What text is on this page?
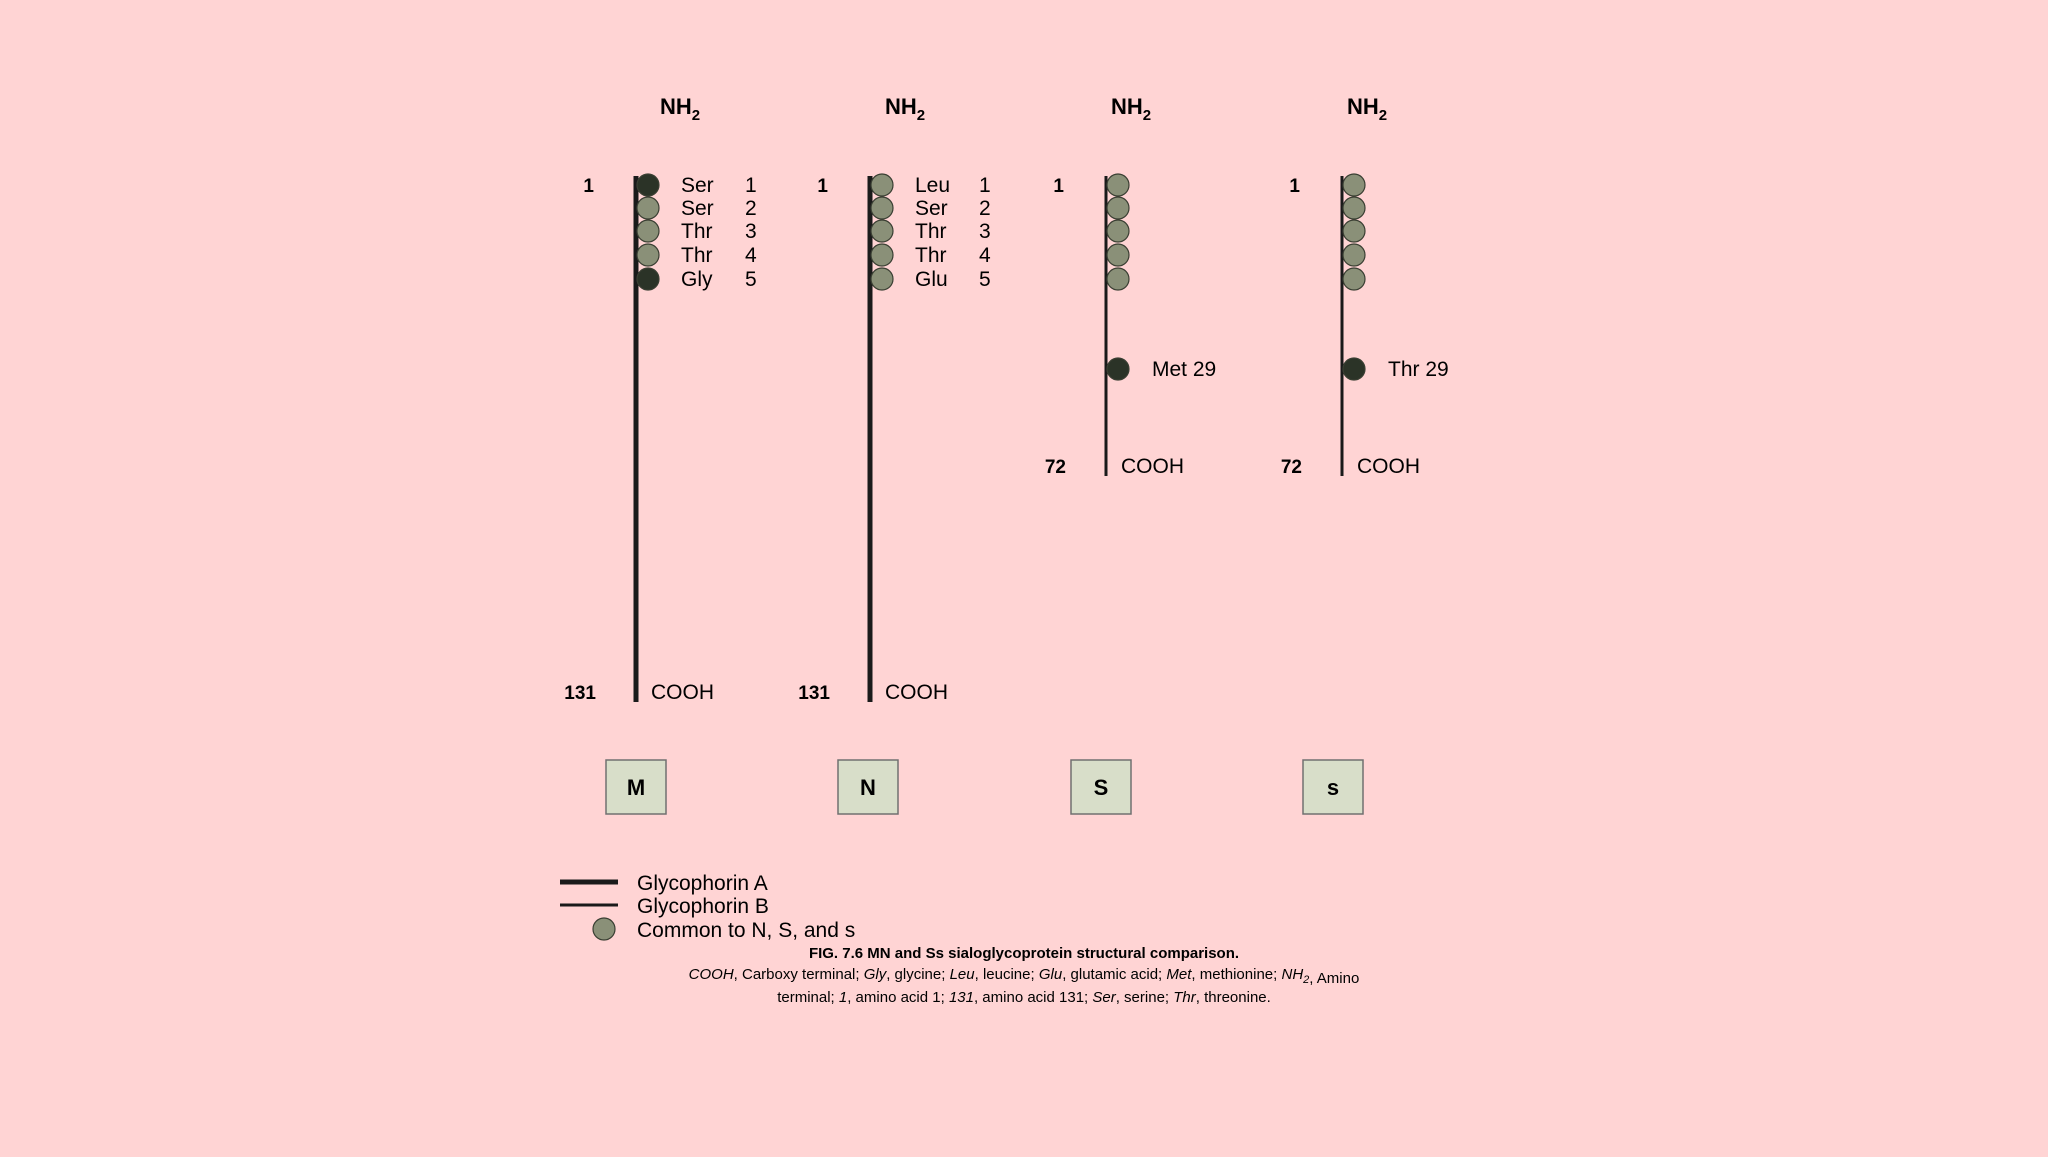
$NH_2$
1	Ser 1
Ser 2
Thr 3
Thr 4
Gly 5
131	COOH
M
$NH_2$
1	Leu 1
Ser 2
Thr 3
Thr 4
Glu 5
131	COOH
N
$NH_2$
1
Met 29
72	COOH
S
$NH_2$
1
Thr 29
72	COOH
s
Glycophorin A
Glycophorin B
Common to N, S, and s
FIG. 7.6 MN and Ss sialoglycoprotein structural comparison.
COOH, Carboxy terminal; Gly, glycine; Leu, leucine; Glu, glutamic acid; Met, methionine; $NH_2$, Amino
terminal; 1, amino acid 1; 131, amino acid 131; Ser, serine; Thr, threonine.
